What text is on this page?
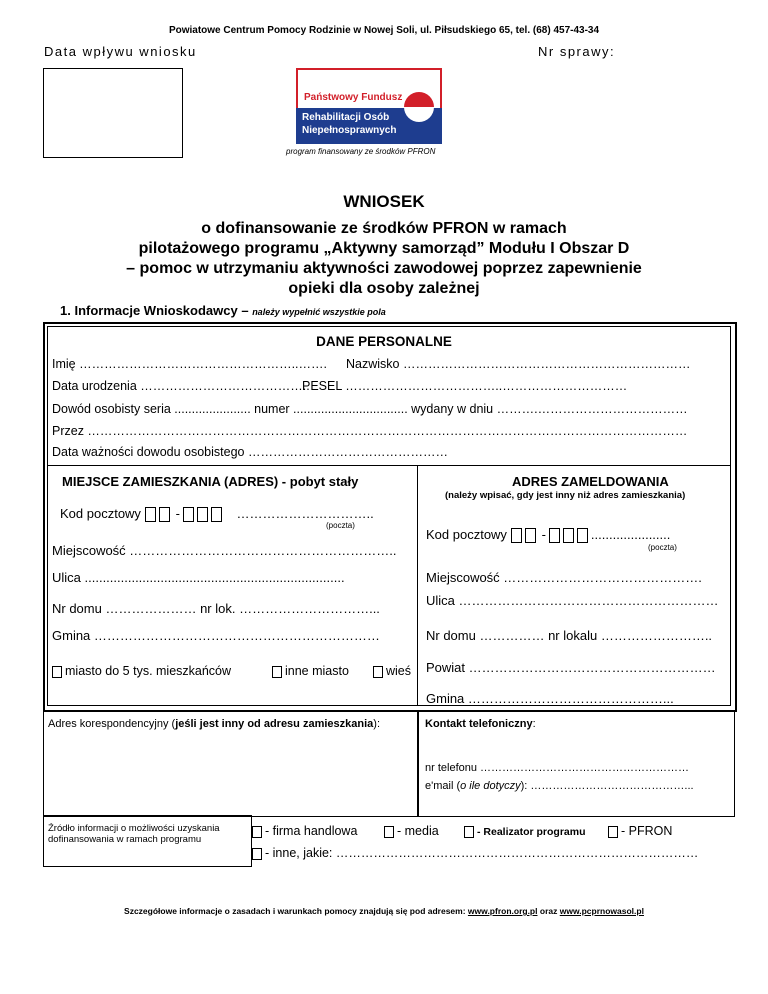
Powiatowe Centrum Pomocy Rodzinie w Nowej Soli, ul. Piłsudskiego 65, tel. (68) 457-43-34
Data wpływu wniosku	Nr sprawy:
Państwowy Fundusz
Rehabilitacji Osób
Niepełnosprawnych
program finansowany ze środków PFRON
WNIOSEK
o dofinansowanie ze środków PFRON w ramach
pilotażowego programu „Aktywny samorząd” Modułu I Obszar D
– pomoc w utrzymaniu aktywności zawodowej poprzez zapewnienie
opieki dla osoby zależnej
1. Informacje Wnioskodawcy – należy wypełnić wszystkie pola
DANE PERSONALNE
Imię ……………………………………………..……. Nazwisko ……………………………………………………………
Data urodzenia …………………………………..
PESEL ………………………………..…………………………
Dowód osobisty seria ...................... numer ................................. wydany w dniu ……….………………………………
Przez ………………………………………………………………………………………………………………………………
Data ważności dowodu osobistego …………………………………………
MIEJSCE ZAMIESZKANIA (ADRES) - pobyt stały
Kod pocztowy	-	…………………………..
(poczta)
Miejscowość ……………………………………………………..
Ulica ........................................................................
Nr domu ………………… nr lok. …………………………...
Gmina …………………………………………………………
miasto do 5 tys. mieszkańców	inne miasto	wieś
ADRES ZAMELDOWANIA
(należy wpisać, gdy jest inny niż adres zamieszkania)
Kod pocztowy	-	......................
(poczta)
Miejscowość ……………………………………….
Ulica ……………………………………………………
Nr domu …………… nr lokalu ……………………..
Powiat …………………………………………………
Gmina ………………………………………...
Adres korespondencyjny (jeśli jest inny od adresu zamieszkania):	Kontakt telefoniczny:
nr telefonu …………………………………………………
e'mail (o ile dotyczy): ……………………………………...
Źródło informacji o możliwości uzyskania
dofinansowania w ramach programu
- firma handlowa	- media	- Realizator programu	- PFRON
- inne, jakie: ……………………………………………………………………………
Szczegółowe informacje o zasadach i warunkach pomocy znajdują się pod adresem: www.pfron.org.pl oraz www.pcprnowasol.pl
